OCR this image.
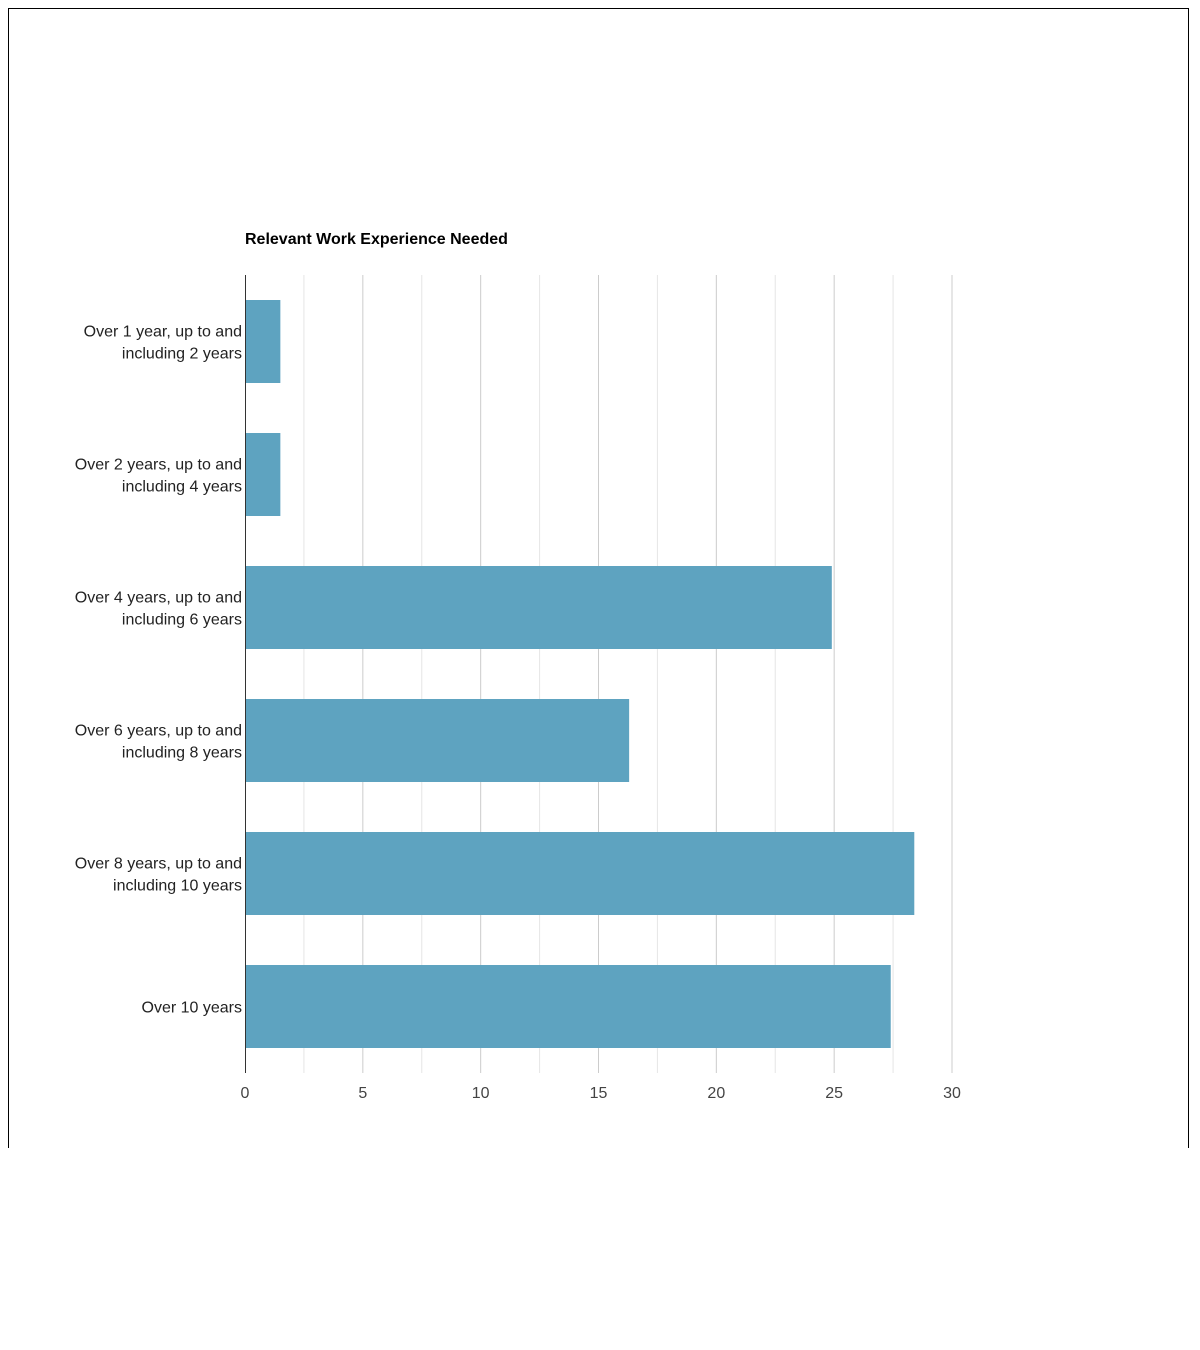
Relevant Work Experience Needed
Over 1 year, up to and
including 2 years
Over 2 years, up to and
including 4 years
Over 4 years, up to and
including 6 years
Over 6 years, up to and
including 8 years
Over 8 years, up to and
including 10 years
Over 10 years
0	5	10	15	20	25	30
